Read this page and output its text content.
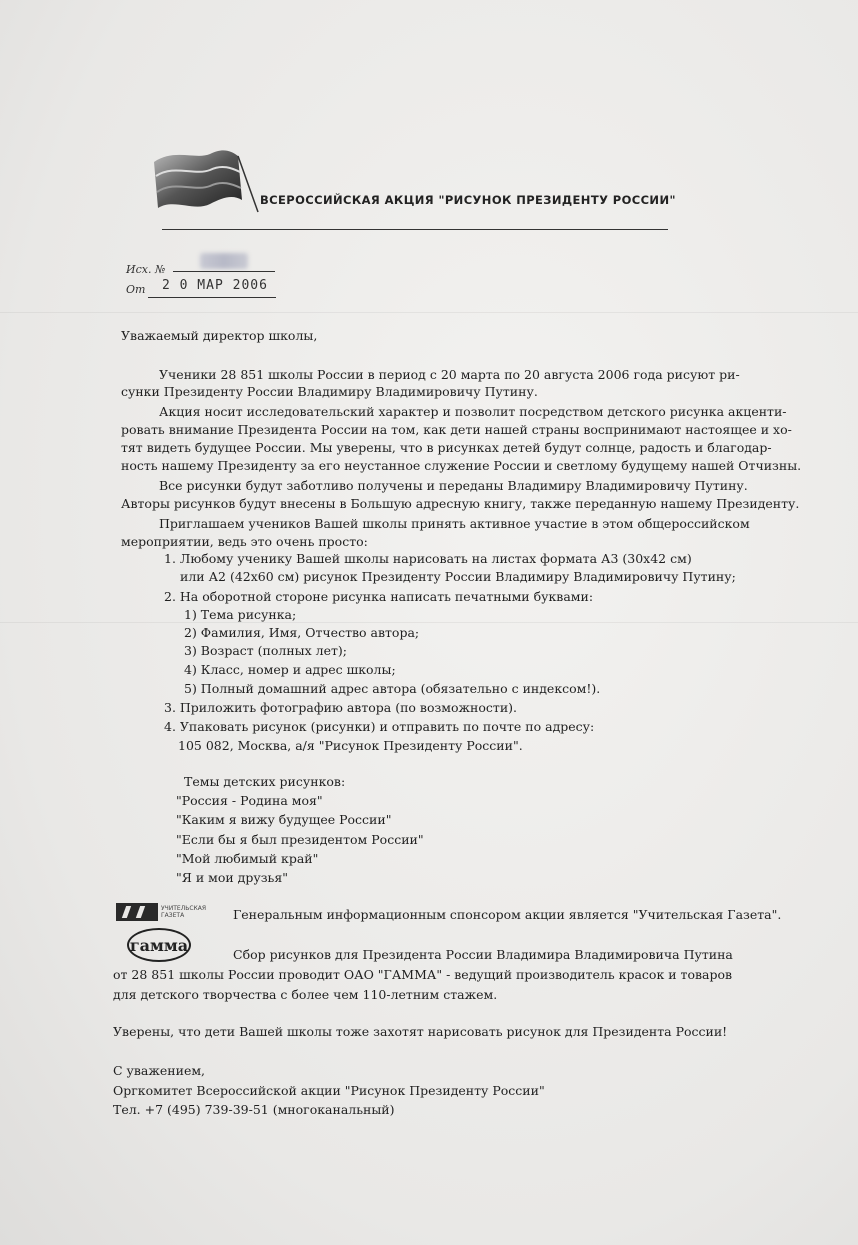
ВСЕРОССИЙСКАЯ АКЦИЯ "РИСУНОК ПРЕЗИДЕНТУ РОССИИ"
Исх. №
От 2 0 МАР 2006
Уважаемый директор школы,
Ученики 28 851 школы России в период с 20 марта по 20 августа 2006 года рисуют ри-
сунки Президенту России Владимиру Владимировичу Путину.
Акция носит исследовательский характер и позволит посредством детского рисунка акценти-
ровать внимание Президента России на том, как дети нашей страны воспринимают настоящее и хо-
тят видеть будущее России. Мы уверены, что в рисунках детей будут солнце, радость и благодар-
ность нашему Президенту за его неустанное служение России и светлому будущему нашей Отчизны.
Все рисунки будут заботливо получены и переданы Владимиру Владимировичу Путину.
Авторы рисунков будут внесены в Большую адресную книгу, также переданную нашему Президенту.
Приглашаем учеников Вашей школы принять активное участие в этом общероссийском
мероприятии, ведь это очень просто:
1. Любому ученику Вашей школы нарисовать на листах формата А3 (30х42 см)
или А2 (42х60 см) рисунок Президенту России Владимиру Владимировичу Путину;
2. На оборотной стороне рисунка написать печатными буквами:
1) Тема рисунка;
2) Фамилия, Имя, Отчество автора;
3) Возраст (полных лет);
4) Класс, номер и адрес школы;
5) Полный домашний адрес автора (обязательно с индексом!).
3. Приложить фотографию автора (по возможности).
4. Упаковать рисунок (рисунки) и отправить по почте по адресу:
105 082, Москва, а/я "Рисунок Президенту России".
Темы детских рисунков:
"Россия - Родина моя"
"Каким я вижу будущее России"
"Если бы я был президентом России"
"Мой любимый край"
"Я и мои друзья"
УЧИТЕЛЬСКАЯ ГАЗЕТА	Генеральным информационным спонсором акции является "Учительская Газета".
гамма	Сбор рисунков для Президента России Владимира Владимировича Путина
от 28 851 школы России проводит ОАО "ГАММА" - ведущий производитель красок и товаров
для детского творчества с более чем 110-летним стажем.
Уверены, что дети Вашей школы тоже захотят нарисовать рисунок для Президента России!
С уважением,
Оргкомитет Всероссийской акции "Рисунок Президенту России"
Тел. +7 (495) 739-39-51 (многоканальный)
